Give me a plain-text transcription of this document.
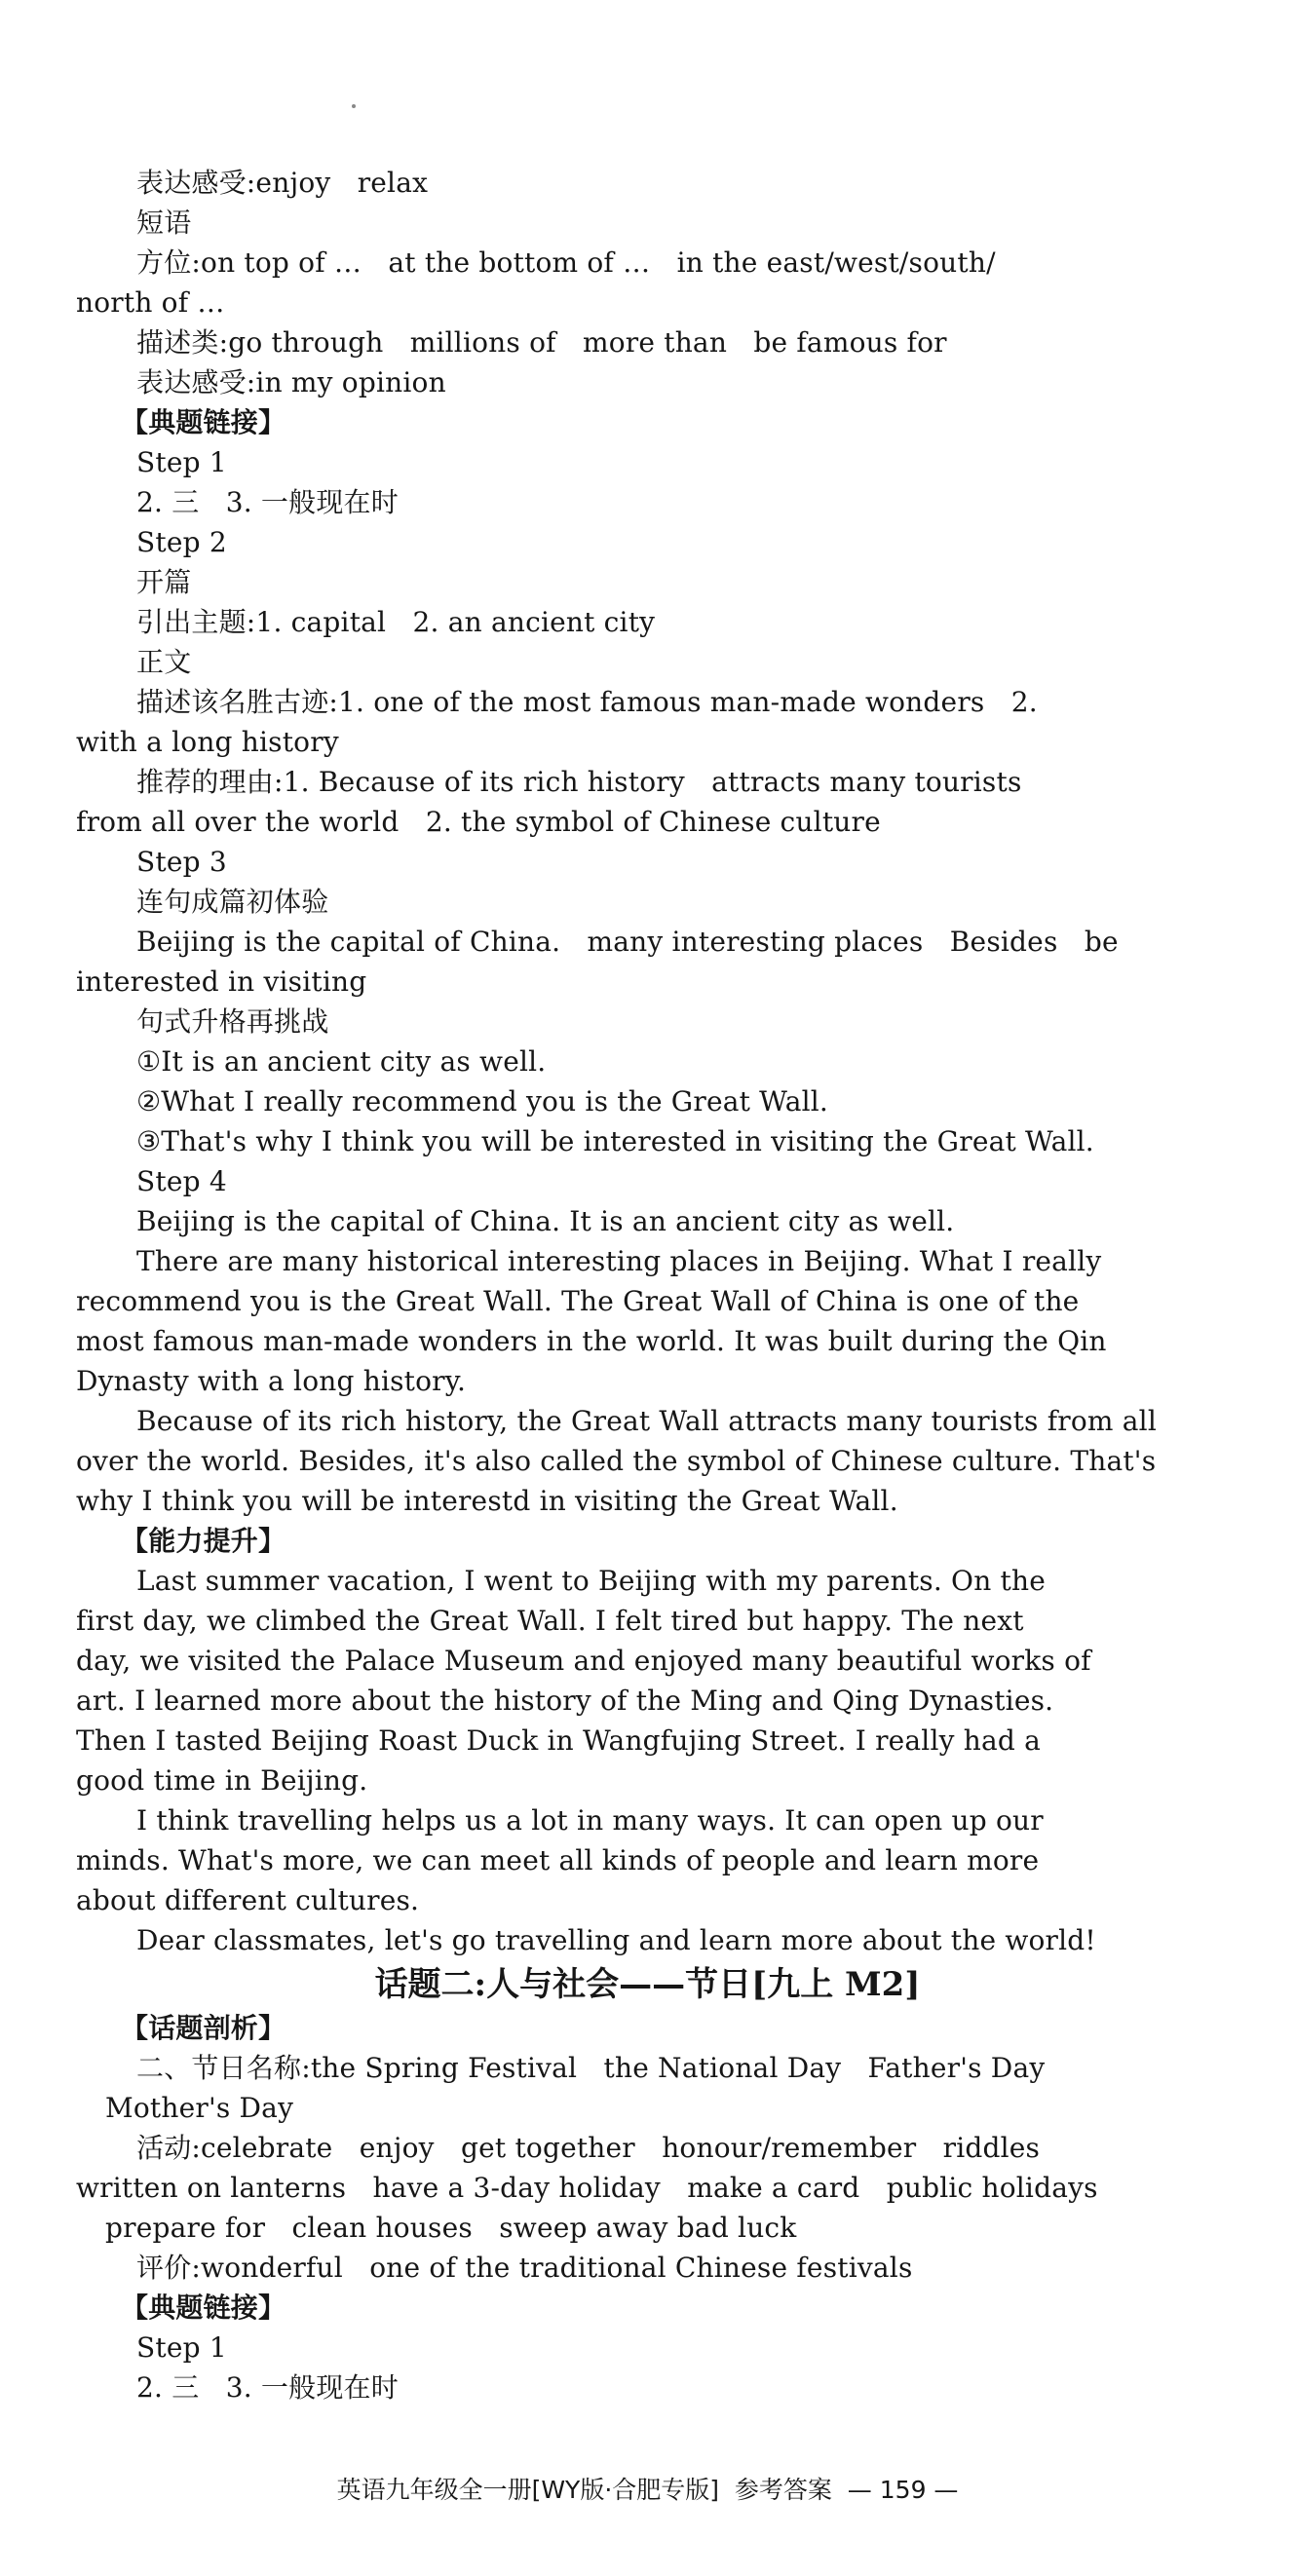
表达感受:enjoy   relax
短语
方位:on top of …   at the bottom of …   in the east/west/south/
north of …
描述类:go through   millions of   more than   be famous for
表达感受:in my opinion
【典题链接】
Step 1
2. 三   3. 一般现在时
Step 2
开篇
引出主题:1. capital   2. an ancient city
正文
描述该名胜古迹:1. one of the most famous man-made wonders   2.
with a long history
推荐的理由:1. Because of its rich history   attracts many tourists
from all over the world   2. the symbol of Chinese culture
Step 3
连句成篇初体验
Beijing is the capital of China.   many interesting places   Besides   be
interested in visiting
句式升格再挑战
①It is an ancient city as well.
②What I really recommend you is the Great Wall.
③That's why I think you will be interested in visiting the Great Wall.
Step 4
Beijing is the capital of China. It is an ancient city as well.
There are many historical interesting places in Beijing. What I really
recommend you is the Great Wall. The Great Wall of China is one of the
most famous man-made wonders in the world. It was built during the Qin
Dynasty with a long history.
Because of its rich history, the Great Wall attracts many tourists from all
over the world. Besides, it's also called the symbol of Chinese culture. That's
why I think you will be interestd in visiting the Great Wall.
【能力提升】
Last summer vacation, I went to Beijing with my parents. On the
first day, we climbed the Great Wall. I felt tired but happy. The next
day, we visited the Palace Museum and enjoyed many beautiful works of
art. I learned more about the history of the Ming and Qing Dynasties.
Then I tasted Beijing Roast Duck in Wangfujing Street. I really had a
good time in Beijing.
I think travelling helps us a lot in many ways. It can open up our
minds. What's more, we can meet all kinds of people and learn more
about different cultures.
Dear classmates, let's go travelling and learn more about the world!
话题二:人与社会——节日[九上 M2]
【话题剖析】
二、节日名称:the Spring Festival   the National Day   Father's Day
Mother's Day
活动:celebrate   enjoy   get together   honour/remember   riddles
written on lanterns   have a 3-day holiday   make a card   public holidays
prepare for   clean houses   sweep away bad luck
评价:wonderful   one of the traditional Chinese festivals
【典题链接】
Step 1
2. 三   3. 一般现在时
英语九年级全一册[WY版·合肥专版]  参考答案  — 159 —
